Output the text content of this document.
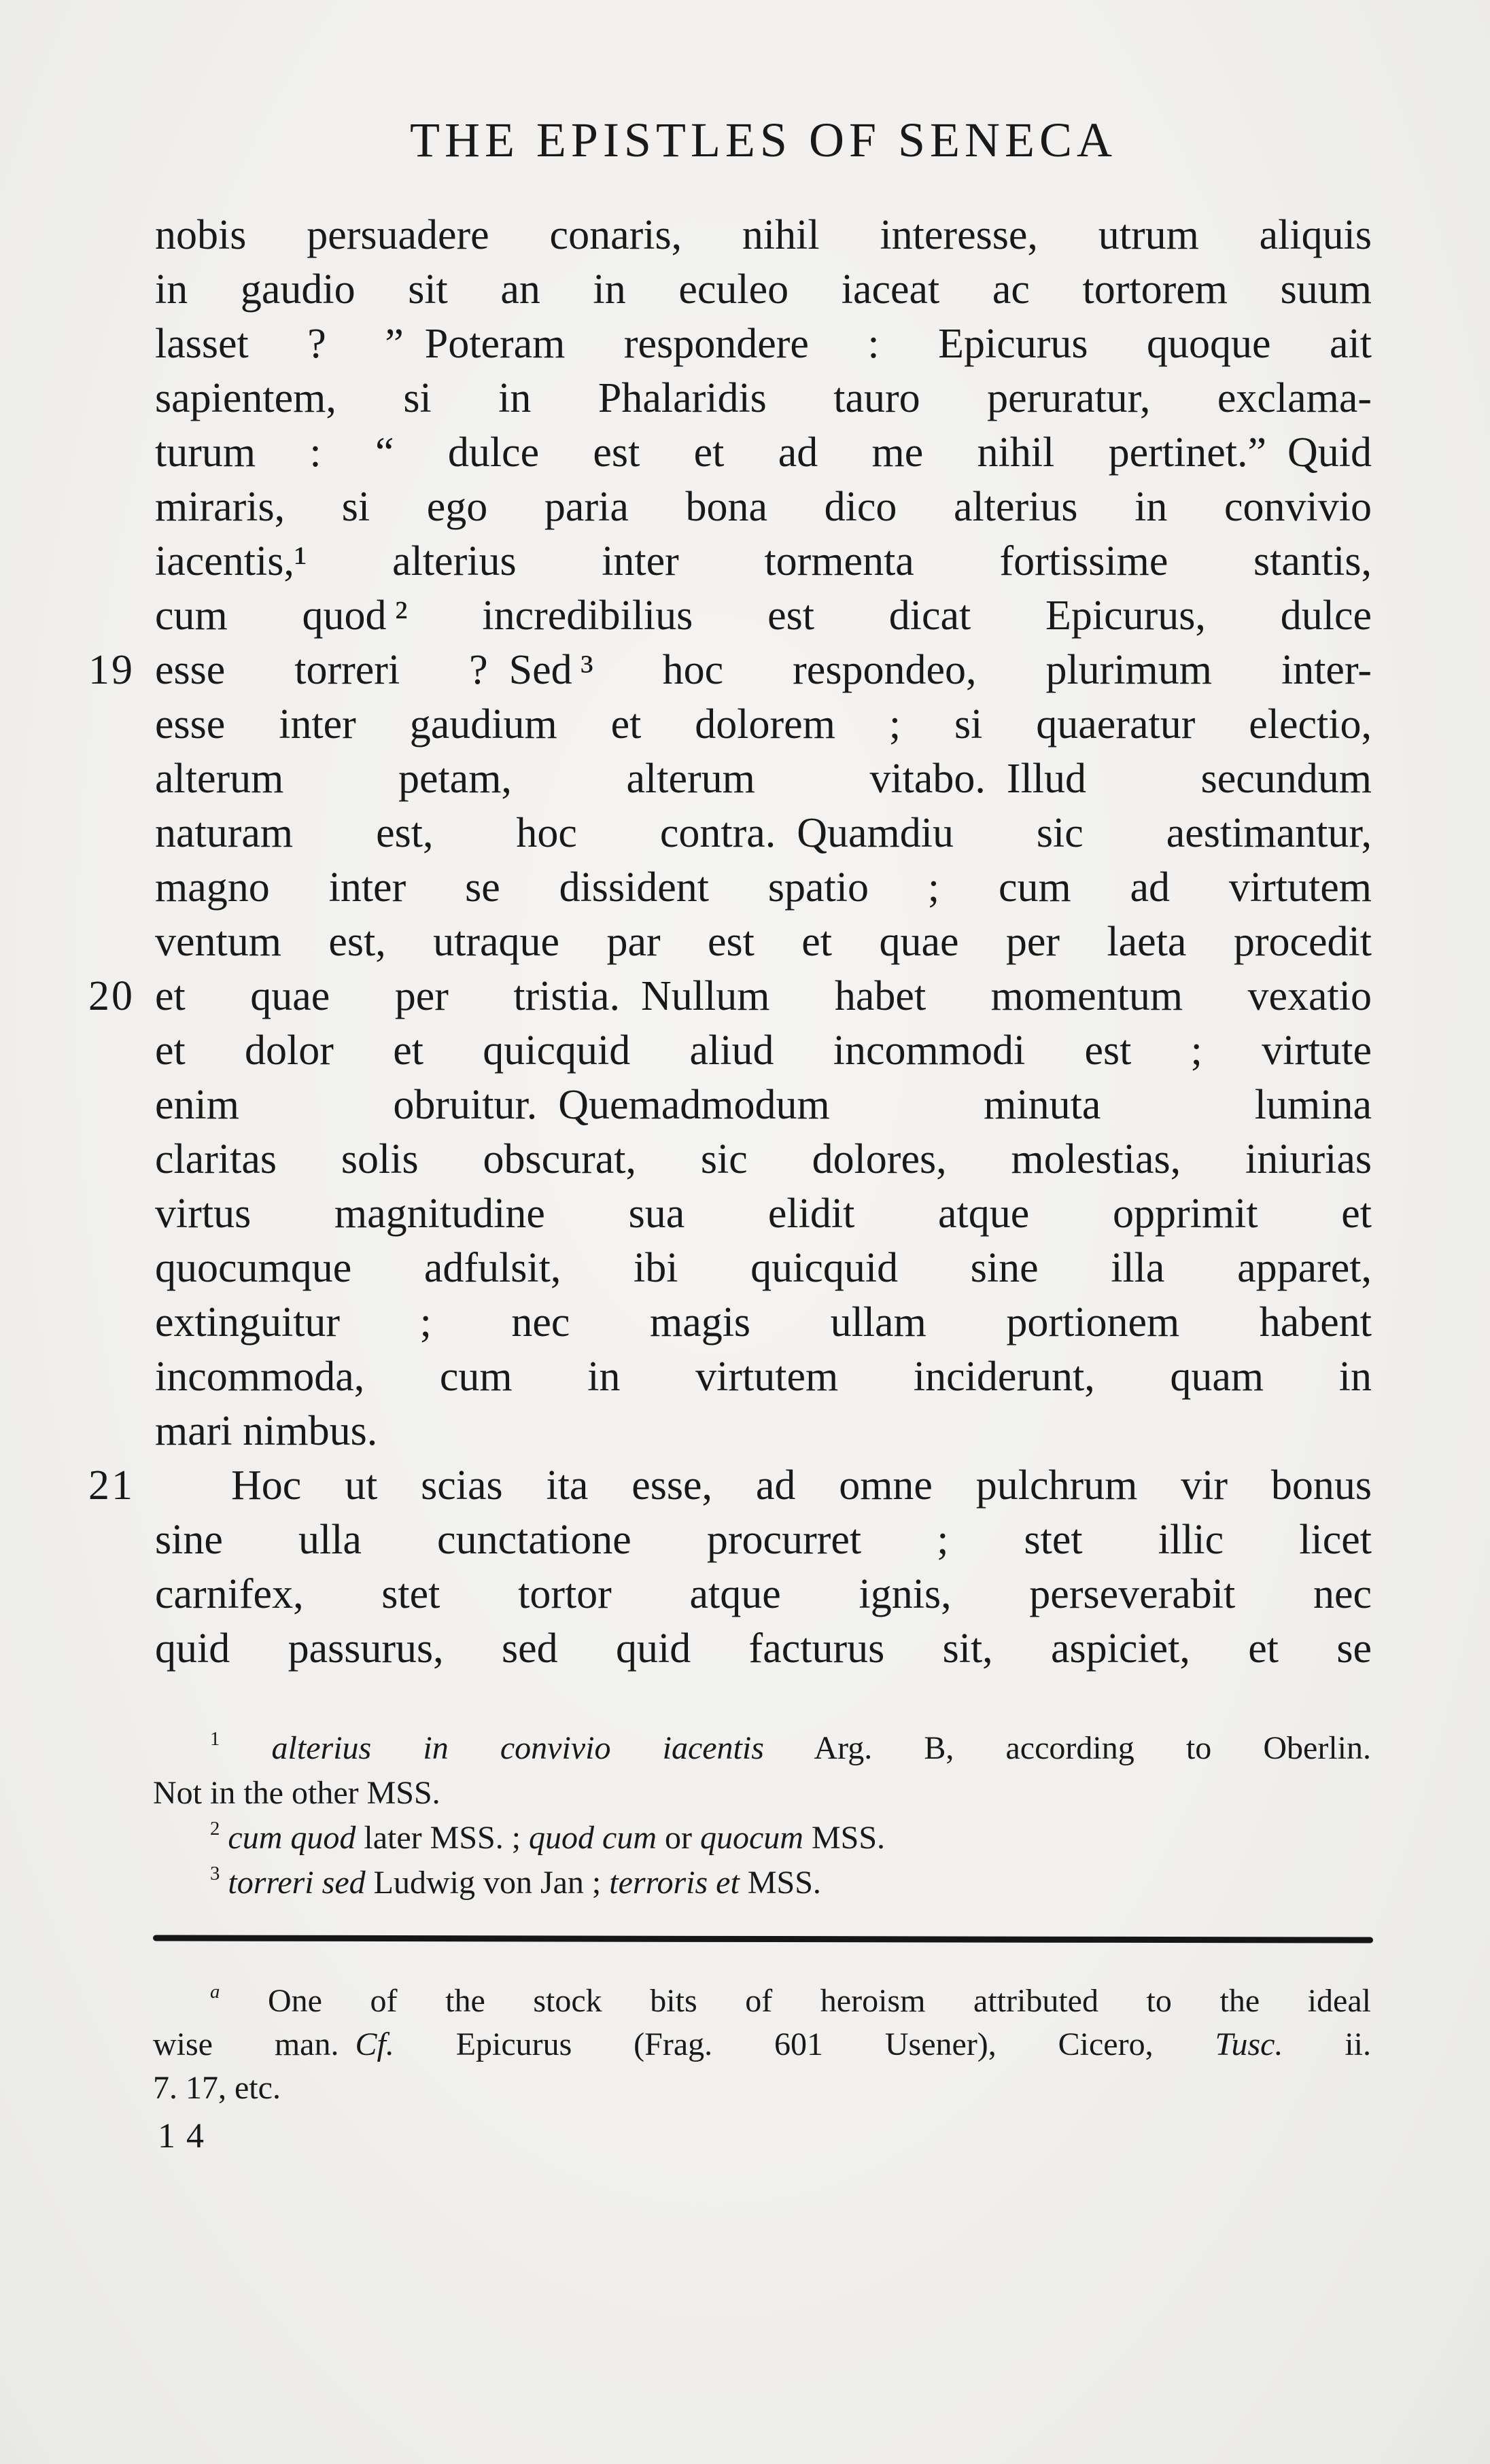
THE EPISTLES OF SENECA
nobis persuadere conaris, nihil interesse, utrum aliquis
in gaudio sit an in eculeo iaceat ac tortorem suum
lasset ? ” Poteram respondere : Epicurus quoque ait
sapientem, si in Phalaridis tauro peruratur, exclama-
turum : “ dulce est et ad me nihil pertinet.” Quid
miraris, si ego paria bona dico alterius in convivio
iacentis,¹ alterius inter tormenta fortissime stantis,
cum quod ² incredibilius est dicat Epicurus, dulce
19 esse torreri ? Sed ³ hoc respondeo, plurimum inter-
esse inter gaudium et dolorem ; si quaeratur electio,
alterum petam, alterum vitabo. Illud secundum
naturam est, hoc contra. Quamdiu sic aestimantur,
magno inter se dissident spatio ; cum ad virtutem
ventum est, utraque par est et quae per laeta procedit
20 et quae per tristia. Nullum habet momentum vexatio
et dolor et quicquid aliud incommodi est ; virtute
enim obruitur. Quemadmodum minuta lumina
claritas solis obscurat, sic dolores, molestias, iniurias
virtus magnitudine sua elidit atque opprimit et
quocumque adfulsit, ibi quicquid sine illa apparet,
extinguitur ; nec magis ullam portionem habent
incommoda, cum in virtutem inciderunt, quam in
mari nimbus.
21	Hoc ut scias ita esse, ad omne pulchrum vir bonus
sine ulla cunctatione procurret ; stet illic licet
carnifex, stet tortor atque ignis, perseverabit nec
quid passurus, sed quid facturus sit, aspiciet, et se
$^1$ alterius in convivio iacentis Arg. B, according to Oberlin.
Not in the other MSS.
$^2$ cum quod later MSS. ; quod cum or quocum MSS.
$^3$ torreri sed Ludwig von Jan ; terroris et MSS.
$^a$ One of the stock bits of heroism attributed to the ideal
wise man. Cf. Epicurus (Frag. 601 Usener), Cicero, Tusc. ii.
7. 17, etc.
14
